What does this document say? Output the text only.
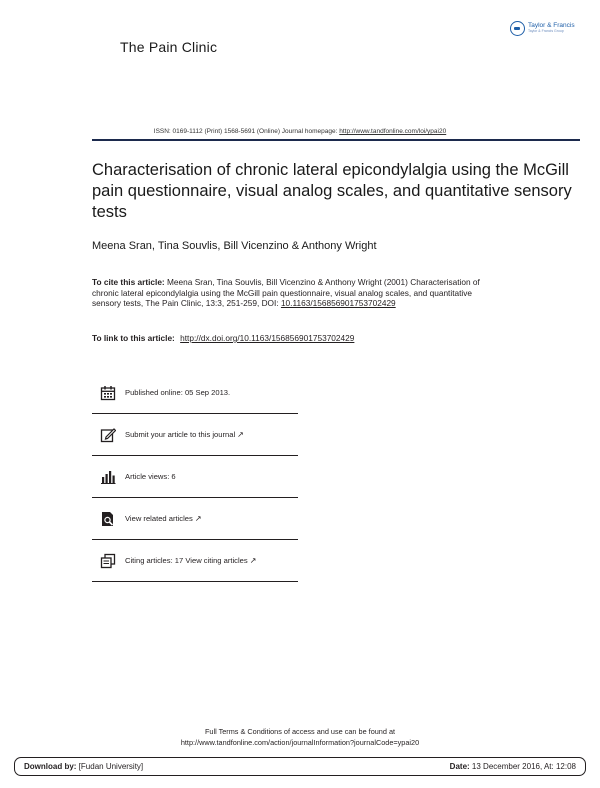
The Pain Clinic
Taylor & Francis
Taylor & Francis Group
ISSN: 0169-1112 (Print) 1568-5691 (Online) Journal homepage: http://www.tandfonline.com/loi/ypai20
Characterisation of chronic lateral epicondylalgia using the McGill pain questionnaire, visual analog scales, and quantitative sensory tests
Meena Sran, Tina Souvlis, Bill Vicenzino & Anthony Wright
To cite this article: Meena Sran, Tina Souvlis, Bill Vicenzino & Anthony Wright (2001) Characterisation of chronic lateral epicondylalgia using the McGill pain questionnaire, visual analog scales, and quantitative sensory tests, The Pain Clinic, 13:3, 251-259, DOI: 10.1163/156856901753702429
To link to this article: http://dx.doi.org/10.1163/156856901753702429
Published online: 05 Sep 2013.
Submit your article to this journal ↗
Article views: 6
View related articles ↗
Citing articles: 17 View citing articles ↗
Full Terms & Conditions of access and use can be found at
http://www.tandfonline.com/action/journalInformation?journalCode=ypai20
Download by: [Fudan University]	Date: 13 December 2016, At: 12:08
